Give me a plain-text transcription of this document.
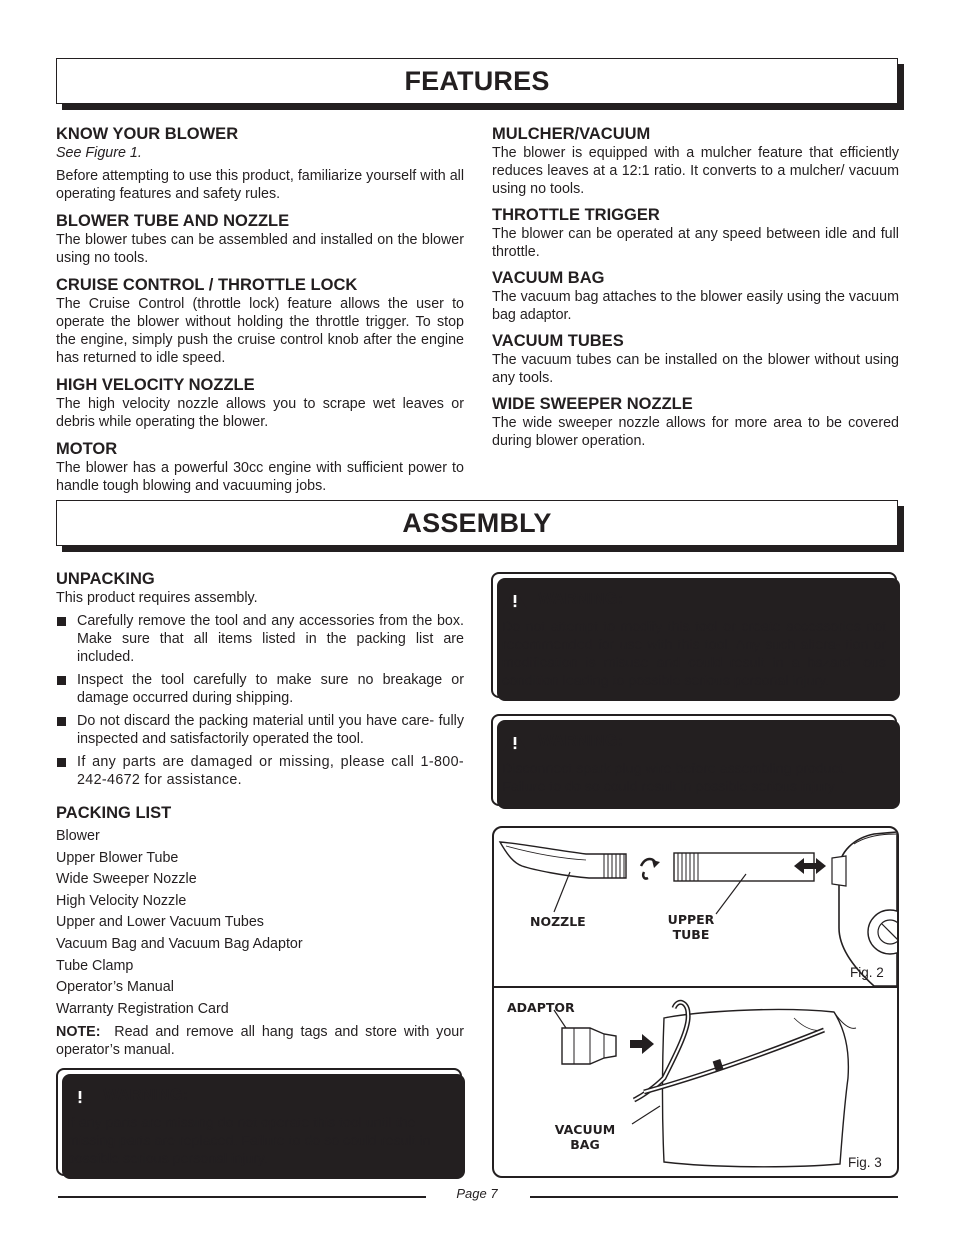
FEATURES
KNOW YOUR BLOWER

See Figure 1.

Before attempting to use this product, familiarize yourself with all operating features and safety rules.

BLOWER TUBE AND NOZZLE

The blower tubes can be assembled and installed on the blower using no tools.

CRUISE CONTROL / THROTTLE LOCK

The Cruise Control (throttle lock) feature allows the user to operate the blower without holding the throttle trigger. To stop the engine, simply push the cruise control knob after the engine has returned to idle speed.

HIGH VELOCITY NOZZLE

The high velocity nozzle allows you to scrape wet leaves or debris while operating the blower.

MOTOR

The blower has a powerful 30cc engine with sufficient power to handle tough blowing and vacuuming jobs.

MULCHER/VACUUM

The blower is equipped with a mulcher feature that efficiently reduces leaves at a 12:1 ratio. It converts to a mulcher/ vacuum using no tools.

THROTTLE TRIGGER

The blower can be operated at any speed between idle and full throttle.

VACUUM BAG

The vacuum bag attaches to the blower easily using the vacuum bag adaptor.

VACUUM TUBES

The vacuum tubes can be installed on the blower without using any tools.

WIDE SWEEPER NOZZLE

The wide sweeper nozzle allows for more area to be covered during blower operation.

ASSEMBLY
UNPACKING

This product requires assembly.

Carefully remove the tool and any accessories from the box. Make sure that all items listed in the packing list are included.
Inspect the tool carefully to make sure no breakage or damage occurred during shipping.
Do not discard the packing material until you have care- fully inspected and satisfactorily operated the tool.
If any parts are damaged or missing, please call 1-800-242-4672 for assistance.
PACKING LIST
Blower
Upper Blower Tube
Wide Sweeper Nozzle
High Velocity Nozzle
Upper and Lower Vacuum Tubes
Vacuum Bag and Vacuum Bag Adaptor
Tube Clamp
Operator’s Manual
Warranty Registration Card

NOTE: Read and remove all hang tags and store with your operator’s manual.

WARNING:

If any parts are missing do not operate this tool until the missing parts are replaced. Failure to do so could result in possible serious personal injury.

WARNING:

Do not attempt to modify this tool or create accessories not recommended for use with this tool. Any such altera- tion or modification is misuse and could result in a hazard- ous condition leading to possible serious personal injury.

WARNING:

Disconnect spark plug wire before assembling product. Failure to do so could result in possible serious injury.

NOZZLE	UPPER
TUBE
Fig. 2
ADAPTOR
VACUUM
BAG
Fig. 3
Page 7
